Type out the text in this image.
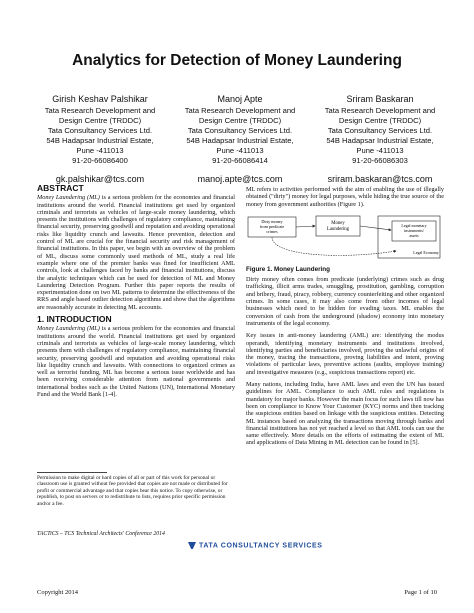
Analytics for Detection of Money Laundering
Girish Keshav Palshikar
Tata Research Development and
Design Centre (TRDDC)
Tata Consultancy Services Ltd.
54B Hadapsar Industrial Estate,
Pune -411013
91-20-66086400
gk.palshikar@tcs.com
Manoj Apte
Tata Research Development and
Design Centre (TRDDC)
Tata Consultancy Services Ltd.
54B Hadapsar Industrial Estate,
Pune -411013
91-20-66086414
manoj.apte@tcs.com
Sriram Baskaran
Tata Research Development and
Design Centre (TRDDC)
Tata Consultancy Services Ltd.
54B Hadapsar Industrial Estate,
Pune -411013
91-20-66086303
sriram.baskaran@tcs.com
ABSTRACT

Money Laundering (ML) is a serious problem for the economies and financial institutions around the world. Financial institutions get used by organized criminals and terrorists as vehicles of large-scale money laundering, which presents the institutions with challenges of regulatory compliance, maintaining financial security, preserving goodwill and reputation and avoiding operational risks like liquidity crunch and lawsuits. Hence prevention, detection and control of ML are crucial for the financial security and risk management of financial institutions. In this paper, we begin with an overview of the problem of ML, discuss some commonly used methods of ML, study a real life example where one of the premier banks was fined for insufficient AML controls, look at challenges faced by banks and financial institutions, discuss the analytic techniques which can be used for detection of ML and Money Laundering Detection Program. Further this paper reports the results of experimentation done on two ML patterns to determine the effectiveness of the RRS and angle based outlier detection algorithms and show that the algorithms are reasonably accurate in detecting ML accounts.

1. INTRODUCTION

Money Laundering (ML) is a serious problem for the economies and financial institutions around the world. Financial institutions get used by organized criminals and terrorists as vehicles of large-scale money laundering, which presents them with challenges of regulatory compliance, maintaining financial security, preserving goodwill and reputation and avoiding operational risks like liquidity crunch and lawsuits. With connections to organized crimes as well as terrorist funding, ML has become a serious issue worldwide and has been receiving considerable attention from national governments and international bodies such as the United Nations (UN), International Monetary Fund and the World Bank [1-4].

Permission to make digital or hard copies of all or part of this work for personal or classroom use is granted without fee provided that copies are not made or distributed for profit or commercial advantage and that copies bear this notice. To copy otherwise, or republish, to post on servers or to redistribute to lists, requires prior specific permission and/or a fee.
TACTiCS – TCS Technical Architects' Conference 2014
TATA CONSULTANCY SERVICES

ML refers to activities performed with the aim of enabling the use of illegally obtained ("dirty") money for legal purposes, while hiding the true source of the money from government authorities (Figure 1).

Dirty money
from predicate
crimes
Money
Laundering
Legal monetary
instruments/
assets
Legal Economy
Figure 1. Money Laundering

Dirty money often comes from predicate (underlying) crimes such as drug trafficking, illicit arms trades, smuggling, prostitution, gambling, corruption and bribery, fraud, piracy, robbery, currency counterfeiting and other organized crimes. In some cases, it may also come from other incomes of legal businesses which need to be hidden for evading taxes. ML enables the conversion of cash from the underground (shadow) economy into monetary instruments of the legal economy.

Key issues in anti-money laundering (AML) are: identifying the modus operandi, identifying monetary instruments and institutions involved, identifying parties and beneficiaries involved, proving the unlawful origins of the money, tracing the transactions, proving liabilities and intent, proving violations of particular laws, preventive actions (audits, employee training) and investigative measures (e.g., suspicious transactions report) etc.

Many nations, including India, have AML laws and even the UN has issued guidelines for AML. Compliance to such AML rules and regulations is mandatory for major banks. However the main focus for such laws till now has been on compliance to Know Your Customer (KYC) norms and then tracking the suspicious entities based on linkage with the suspicious entities. Detecting ML instances based on analyzing the transactions moving through banks and financial institutions has not yet reached a level so that AML tools can use the same effectively. More details on the efforts of estimating the extent of ML and applications of Data Mining in ML detection can be found in [5].

Copyright 2014	Page 1 of 10
